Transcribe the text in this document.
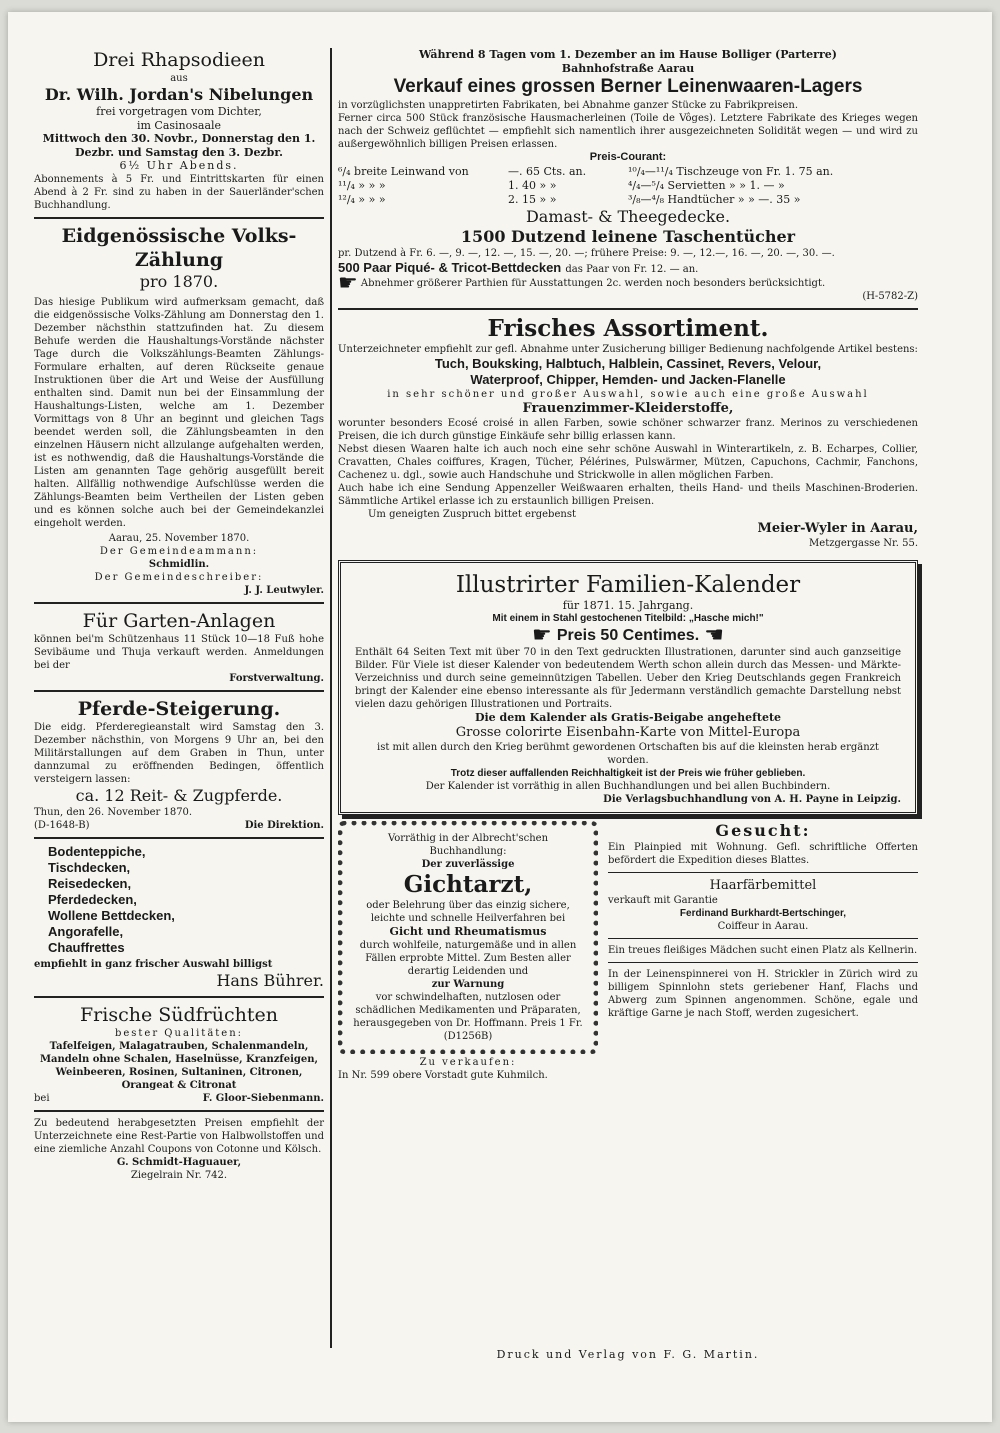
Drei Rhapsodieen

aus

Dr. Wilh. Jordan's Nibelungen

frei vorgetragen vom Dichter,

im Casinosaale

Mittwoch den 30. Novbr., Donnerstag den 1.

Dezbr. und Samstag den 3. Dezbr.

6½ Uhr Abends.

Abonnements à 5 Fr. und Eintrittskarten für einen Abend à 2 Fr. sind zu haben in der Sauerländer'schen Buchhandlung.

Eidgenössische Volks-Zählung

pro 1870.

Das hiesige Publikum wird aufmerksam gemacht, daß die eidgenössische Volks-Zählung am Donnerstag den 1. Dezember nächsthin stattzufinden hat. Zu diesem Behufe werden die Haushaltungs-Vorstände nächster Tage durch die Volkszählungs-Beamten Zählungs-Formulare erhalten, auf deren Rückseite genaue Instruktionen über die Art und Weise der Ausfüllung enthalten sind. Damit nun bei der Einsammlung der Haushaltungs-Listen, welche am 1. Dezember Vormittags von 8 Uhr an beginnt und gleichen Tags beendet werden soll, die Zählungsbeamten in den einzelnen Häusern nicht allzulange aufgehalten werden, ist es nothwendig, daß die Haushaltungs-Vorstände die Listen am genannten Tage gehörig ausgefüllt bereit halten. Allfällig nothwendige Aufschlüsse werden die Zählungs-Beamten beim Vertheilen der Listen geben und es können solche auch bei der Gemeindekanzlei eingeholt werden.

Aarau, 25. November 1870.

Der Gemeindeammann:

Schmidlin.

Der Gemeindeschreiber:

J. J. Leutwyler.

Für Garten-Anlagen

können bei'm Schützenhaus 11 Stück 10—18 Fuß hohe Sevibäume und Thuja verkauft werden. Anmeldungen bei der

Forstverwaltung.

Pferde-Steigerung.

Die eidg. Pferderegieanstalt wird Samstag den 3. Dezember nächsthin, von Morgens 9 Uhr an, bei den Militärstallungen auf dem Graben in Thun, unter dannzumal zu eröffnenden Bedingen, öffentlich versteigern lassen:

ca. 12 Reit- & Zugpferde.

Thun, den 26. November 1870.

(D-1648-B)	Die Direktion.

Bodenteppiche,

Tischdecken,

Reisedecken,

Pferdedecken,

Wollene Bettdecken,

Angorafelle,

Chauffrettes

empfiehlt in ganz frischer Auswahl billigst

Hans Bührer.

Frische Südfrüchten

bester Qualitäten:

Tafelfeigen, Malagatrauben, Schalenmandeln, Mandeln ohne Schalen, Haselnüsse, Kranzfeigen, Weinbeeren, Rosinen, Sultaninen, Citronen, Orangeat & Citronat

bei	F. Gloor-Siebenmann.

Zu bedeutend herabgesetzten Preisen empfiehlt der Unterzeichnete eine Rest-Partie von Halbwollstoffen und eine ziemliche Anzahl Coupons von Cotonne und Kölsch.

G. Schmidt-Haguauer,

Ziegelrain Nr. 742.

Während 8 Tagen vom 1. Dezember an im Hause Bolliger (Parterre)

Bahnhofstraße Aarau

Verkauf eines grossen Berner Leinenwaaren-Lagers

in vorzüglichsten unappretirten Fabrikaten, bei Abnahme ganzer Stücke zu Fabrikpreisen.

Ferner circa 500 Stück französische Hausmacherleinen (Toile de Vôges). Letztere Fabrikate des Krieges wegen nach der Schweiz geflüchtet — empfiehlt sich namentlich ihrer ausgezeichneten Solidität wegen — und wird zu außergewöhnlich billigen Preisen erlassen.

Preis-Courant:

⁶/₄ breite Leinwand von	—. 65 Cts. an.	¹⁰/₄—¹¹/₄ Tischzeuge von Fr. 1. 75 an.
¹¹/₄ » » »	1. 40 » »	⁴/₄—⁵/₄ Servietten » » 1. — »
¹²/₄ » » »	2. 15 » »	³/₈—⁴/₈ Handtücher » » —. 35 »

Damast- & Theegedecke.

1500 Dutzend leinene Taschentücher

pr. Dutzend à Fr. 6. —, 9. —, 12. —, 15. —, 20. —; frühere Preise: 9. —, 12.—, 16. —, 20. —, 30. —.

500 Paar Piqué- & Tricot-Bettdecken das Paar von Fr. 12. — an.

☛ Abnehmer größerer Parthien für Ausstattungen 2c. werden noch besonders berücksichtigt.

(H-5782-Z)

Frisches Assortiment.

Unterzeichneter empfiehlt zur gefl. Abnahme unter Zusicherung billiger Bedienung nachfolgende Artikel bestens:

Tuch, Bouksking, Halbtuch, Halblein, Cassinet, Revers, Velour,

Waterproof, Chipper, Hemden- und Jacken-Flanelle

in sehr schöner und großer Auswahl, sowie auch eine große Auswahl

Frauenzimmer-Kleiderstoffe,

worunter besonders Ecosé croisé in allen Farben, sowie schöner schwarzer franz. Merinos zu verschiedenen Preisen, die ich durch günstige Einkäufe sehr billig erlassen kann.

Nebst diesen Waaren halte ich auch noch eine sehr schöne Auswahl in Winterartikeln, z. B. Echarpes, Collier, Cravatten, Chales coiffures, Kragen, Tücher, Pélérines, Pulswärmer, Mützen, Capuchons, Cachmir, Fanchons, Cachenez u. dgl., sowie auch Handschuhe und Strickwolle in allen möglichen Farben.

Auch habe ich eine Sendung Appenzeller Weißwaaren erhalten, theils Hand- und theils Maschinen-Broderien. Sämmtliche Artikel erlasse ich zu erstaunlich billigen Preisen.

Um geneigten Zuspruch bittet ergebenst

Meier-Wyler in Aarau,

Metzgergasse Nr. 55.

Illustrirter Familien-Kalender

für 1871. 15. Jahrgang.

Mit einem in Stahl gestochenen Titelbild: „Hasche mich!"

☛ Preis 50 Centimes. ☚

Enthält 64 Seiten Text mit über 70 in den Text gedruckten Illustrationen, darunter sind auch ganzseitige Bilder. Für Viele ist dieser Kalender von bedeutendem Werth schon allein durch das Messen- und Märkte-Verzeichniss und durch seine gemeinnützigen Tabellen. Ueber den Krieg Deutschlands gegen Frankreich bringt der Kalender eine ebenso interessante als für Jedermann verständlich gemachte Darstellung nebst vielen dazu gehörigen Illustrationen und Portraits.

Die dem Kalender als Gratis-Beigabe angeheftete

Grosse colorirte Eisenbahn-Karte von Mittel-Europa

ist mit allen durch den Krieg berühmt gewordenen Ortschaften bis auf die kleinsten herab ergänzt worden.

Trotz dieser auffallenden Reichhaltigkeit ist der Preis wie früher geblieben.

Der Kalender ist vorräthig in allen Buchhandlungen und bei allen Buchbindern.

Die Verlagsbuchhandlung von A. H. Payne in Leipzig.

Vorräthig in der Albrecht'schen Buchhandlung:

Der zuverlässige

Gichtarzt,

oder Belehrung über das einzig sichere, leichte und schnelle Heilverfahren bei

Gicht und Rheumatismus

durch wohlfeile, naturgemäße und in allen Fällen erprobte Mittel. Zum Besten aller derartig Leidenden und

zur Warnung

vor schwindelhaften, nutzlosen oder schädlichen Medikamenten und Präparaten, herausgegeben von Dr. Hoffmann. Preis 1 Fr. (D1256B)

Zu verkaufen:

In Nr. 599 obere Vorstadt gute Kuhmilch.

Gesucht:

Ein Plainpied mit Wohnung. Gefl. schriftliche Offerten befördert die Expedition dieses Blattes.

Haarfärbemittel

verkauft mit Garantie

Ferdinand Burkhardt-Bertschinger,

Coiffeur in Aarau.

Ein treues fleißiges Mädchen sucht einen Platz als Kellnerin.

In der Leinenspinnerei von H. Strickler in Zürich wird zu billigem Spinnlohn stets geriebener Hanf, Flachs und Abwerg zum Spinnen angenommen. Schöne, egale und kräftige Garne je nach Stoff, werden zugesichert.

Druck und Verlag von F. G. Martin.
